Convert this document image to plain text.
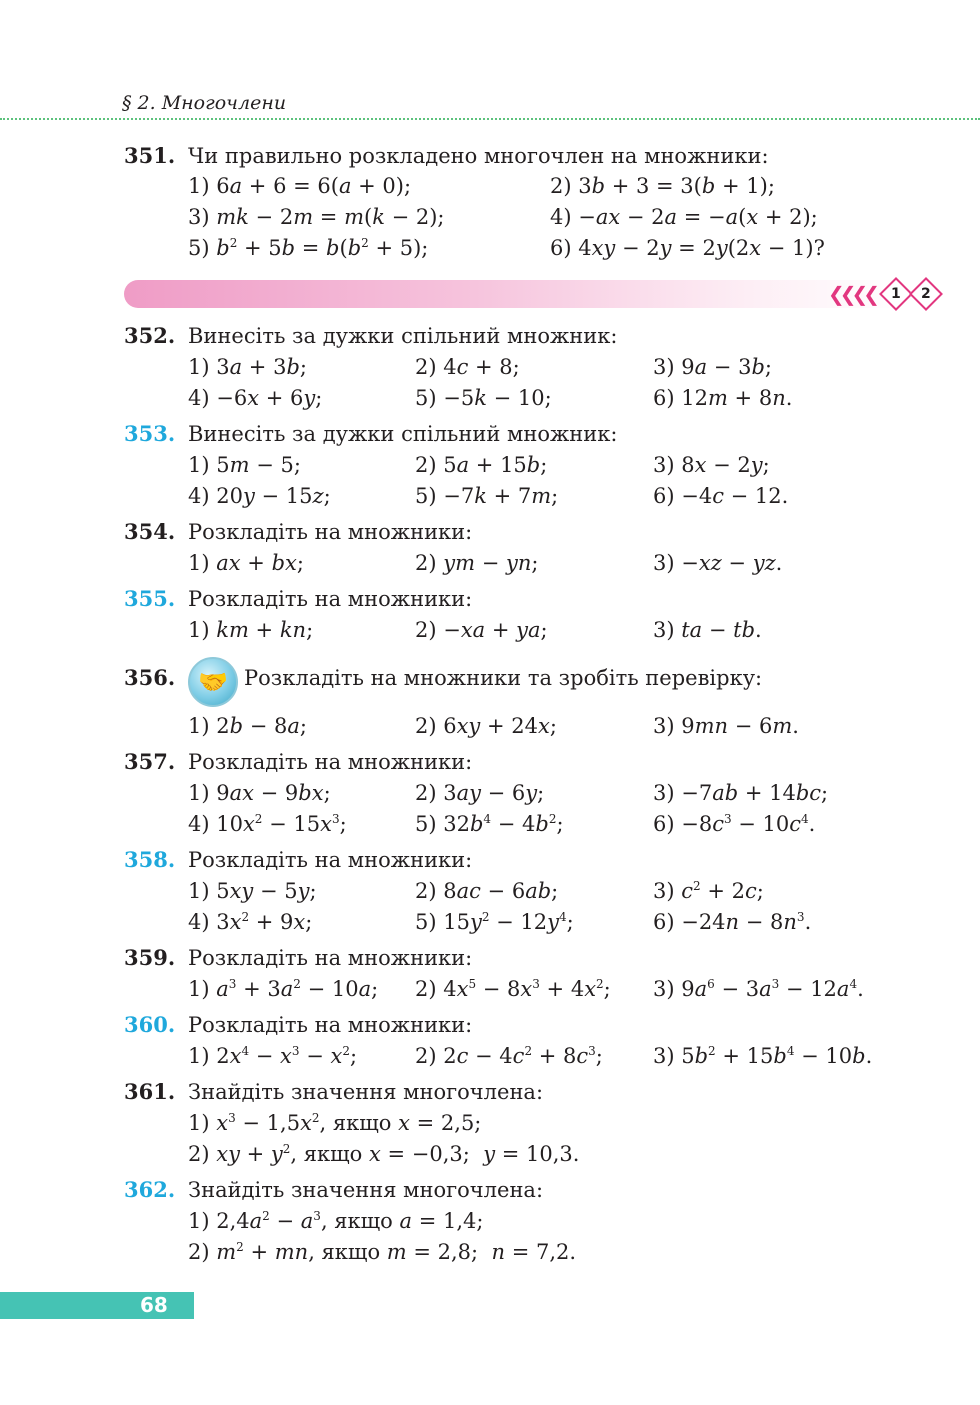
§ 2. Многочлени
351. Чи правильно розкладено многочлен на множники:
1) 6a + 6 = 6(a + 0);	2) 3b + 3 = 3(b + 1);
3) mk − 2m = m(k − 2);	4) −ax − 2a = −a(x + 2);
5) $b^2 + 5b = b(b^2 + 5)$;	6) 4xy − 2y = 2y(2x − 1)?
❮❮❮❮ 1 2
352. Винесіть за дужки спільний множник:
1) 3a + 3b;	2) 4c + 8;	3) 9a − 3b;
4) −6x + 6y;	5) −5k − 10;	6) 12m + 8n.
353. Винесіть за дужки спільний множник:
1) 5m − 5;	2) 5a + 15b;	3) 8x − 2y;
4) 20y − 15z;	5) −7k + 7m;	6) −4c − 12.
354. Розкладіть на множники:
1) ax + bx;	2) ym − yn;	3) −xz − yz.
355. Розкладіть на множники:
1) km + kn;	2) −xa + ya;	3) ta − tb.
356. 🤝 Розкладіть на множники та зробіть перевірку:
1) 2b − 8a;	2) 6xy + 24x;	3) 9mn − 6m.
357. Розкладіть на множники:
1) 9ax − 9bx;	2) 3ay − 6y;	3) −7ab + 14bc;
4) $10x^2 - 15x^3$;	5) $32b^4 - 4b^2$;	$6) -8c^3 - 10c^4$.
358. Розкладіть на множники:
1) 5xy − 5y;	2) 8ac − 6ab;	3) $c^2 + 2c$;
4) $3x^2 + 9x$;	5) $15y^2 - 12y^4$;	$6) -24n - 8n^3$.
359. Розкладіть на множники:
1) $a^3 + 3a^2 - 10a$; 2) $4x^5 - 8x^3 + 4x^2$; 3) $9a^6 - 3a^3 - 12a^4$.
360. Розкладіть на множники:
1) $2x^4 - x^3 - x^2$;	2) $2c - 4c^2 + 8c^3$; 3) $5b^2 + 15b^4 - 10b$.
361. Знайдіть значення многочлена:
1) $x^3 - 1,5x^2$, якщо x = 2,5;
2) xy + $y^2$, якщо x = −0,3;  y = 10,3.
362. Знайдіть значення многочлена:
1) $2,4a^2 - a^3$, якщо a = 1,4;
2) $m^2$ + mn, якщо m = 2,8;  n = 7,2.
68
